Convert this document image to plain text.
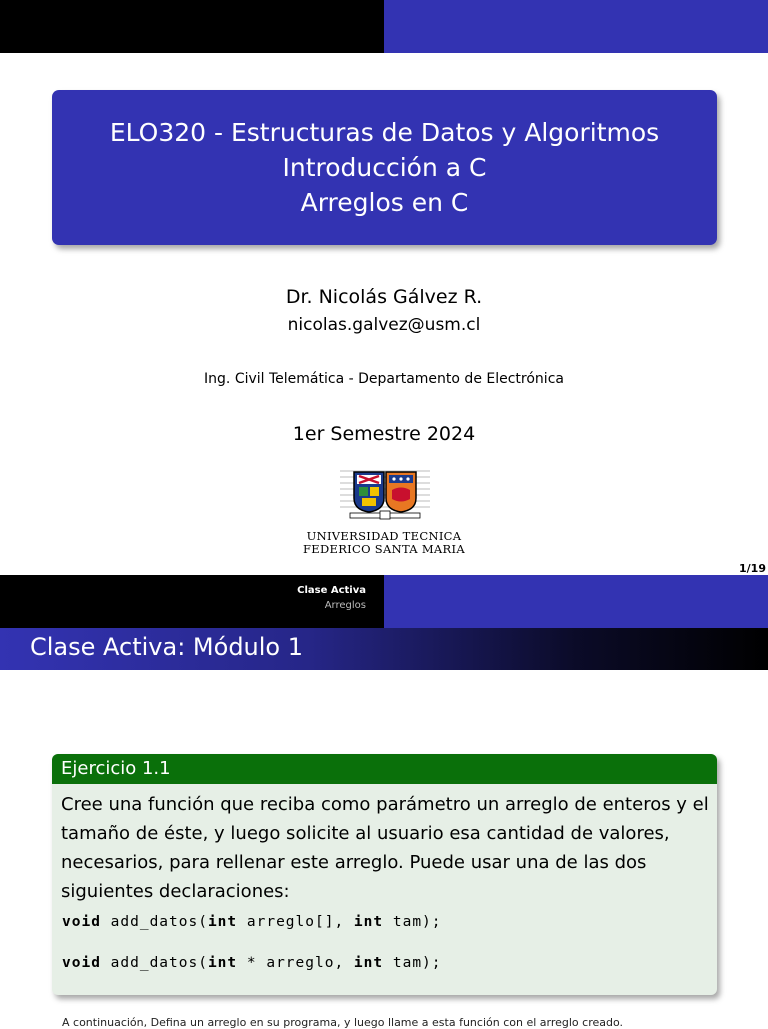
ELO320 - Estructuras de Datos y Algoritmos
Introducción a C
Arreglos en C
Dr. Nicolás Gálvez R.
nicolas.galvez@usm.cl
Ing. Civil Telemática - Departamento de Electrónica
1er Semestre 2024
UNIVERSIDAD TECNICA
FEDERICO SANTA MARIA
1/19
Clase Activa
Arreglos
Clase Activa: Módulo 1
Ejercicio 1.1
Cree una función que reciba como parámetro un arreglo de enteros y el tamaño de éste, y luego solicite al usuario esa cantidad de valores, necesarios, para rellenar este arreglo. Puede usar una de las dos siguientes declaraciones:
void add_datos(int arreglo[], int tam);
void add_datos(int * arreglo, int tam);
A continuación, Defina un arreglo en su programa, y luego llame a esta función con el arreglo creado.
